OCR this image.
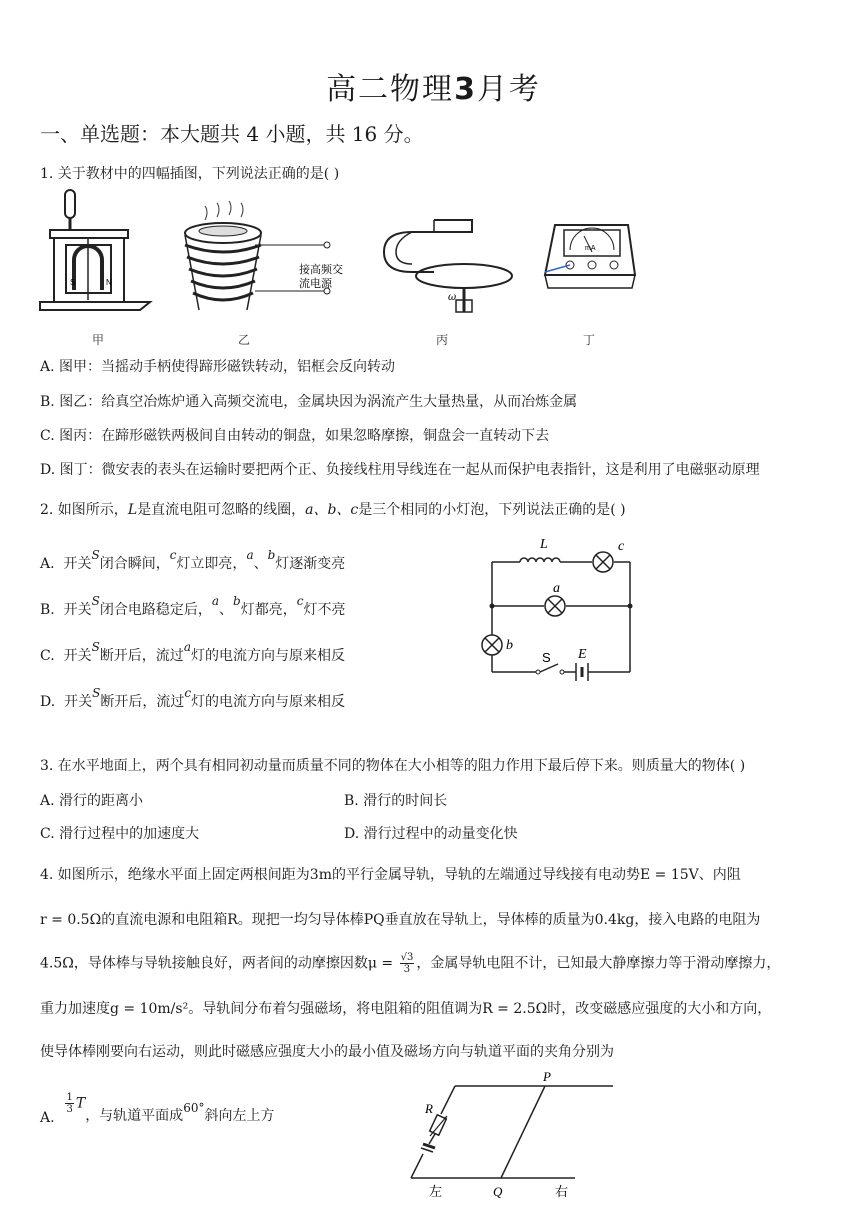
高二物理3月考
一、单选题：本大题共 4 小题，共 16 分。
1. 关于教材中的四幅插图，下列说法正确的是( )
S	N
甲
接高频交
流电源
乙
ω
丙
mA
丁
A. 图甲：当摇动手柄使得蹄形磁铁转动，铝框会反向转动
B. 图乙：给真空冶炼炉通入高频交流电，金属块因为涡流产生大量热量，从而冶炼金属
C. 图丙：在蹄形磁铁两极间自由转动的铜盘，如果忽略摩擦，铜盘会一直转动下去
D. 图丁：微安表的表头在运输时要把两个正、负接线柱用导线连在一起从而保护电表指针，这是利用了电磁驱动原理
2. 如图所示，L是直流电阻可忽略的线圈，a、b、c是三个相同的小灯泡，下列说法正确的是( )
A. 开关S闭合瞬间，c灯立即亮，a、b灯逐渐变亮
B. 开关S闭合电路稳定后，a、b灯都亮，c灯不亮
C. 开关S断开后，流过a灯的电流方向与原来相反
D. 开关S断开后，流过c灯的电流方向与原来相反
L	c
a
b
E
S
3. 在水平地面上，两个具有相同初动量而质量不同的物体在大小相等的阻力作用下最后停下来。则质量大的物体( )
A. 滑行的距离小	B. 滑行的时间长
C. 滑行过程中的加速度大	D. 滑行过程中的动量变化快
4. 如图所示，绝缘水平面上固定两根间距为3m的平行金属导轨，导轨的左端通过导线接有电动势E = 15V、内阻
r = 0.5Ω的直流电源和电阻箱R。现把一均匀导体棒PQ垂直放在导轨上，导体棒的质量为0.4kg，接入电路的电阻为
4.5Ω，导体棒与导轨接触良好，两者间的动摩擦因数$\mu = \frac{√3}{3}$ ，金属导轨电阻不计，已知最大静摩擦力等于滑动摩擦力，
重力加速度g = 10m/s²。导轨间分布着匀强磁场，将电阻箱的阻值调为R = 2.5Ω时，改变磁感应强度的大小和方向，
使导体棒刚要向右运动，则此时磁感应强度大小的最小值及磁场方向与轨道平面的夹角分别为
A.
$\frac{1}{3}$ T，与轨道平面成60°斜向左上方
P
R
Q
左	右
